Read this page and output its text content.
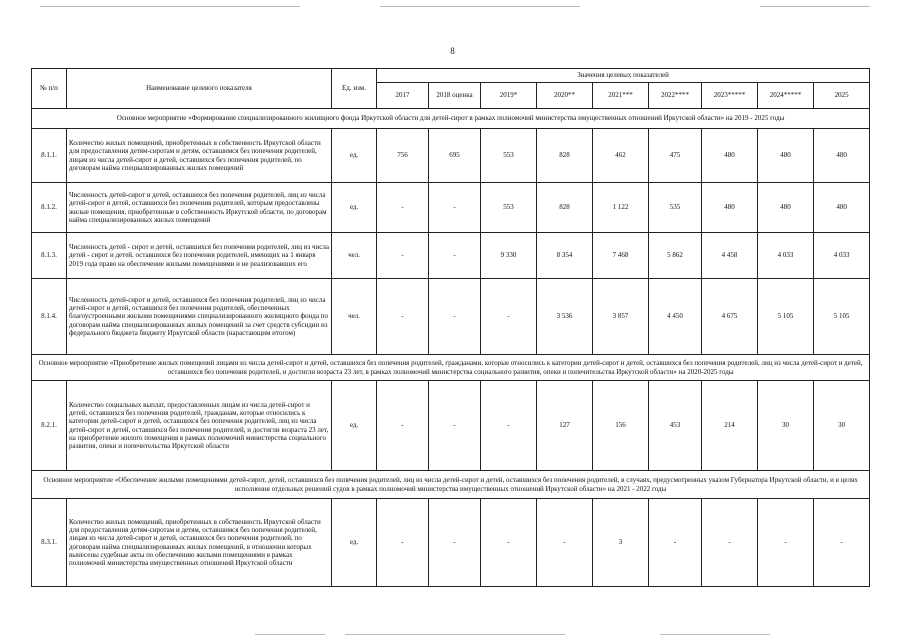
8
№ п/п	Наименование целевого показателя	Ед. изм.	Значения целевых показателей								
			2017	2018 оценка	2019*	2020**	2021***	2022****	2023*****	2024*****	2025
Основное мероприятие «Формирование специализированного жилищного фонда Иркутской области для детей-сирот в рамках полномочий министерства имущественных отношений Иркутской области» на 2019 - 2025 годы											
8.1.1.	Количество жилых помещений, приобретенных в собственность Иркутской области для предоставления детям-сиротам и детям, оставшимся без попечения родителей, лицам из числа детей-сирот и детей, оставшихся без попечения родителей, по договорам найма специализированных жилых помещений	ед.	756	695	553	828	462	475	480	480	480
8.1.2.	Численность детей-сирот и детей, оставшихся без попечения родителей, лиц из числа детей-сирот и детей, оставшихся без попечения родителей, которым предоставлены жилые помещения, приобретенные в собственность Иркутской области, по договорам найма специализированных жилых помещений	ед.	-	-	553	828	1 122	535	480	480	480
8.1.3.	Численность детей - сирот и детей, оставшихся без попечения родителей, лиц из числа детей - сирот и детей, оставшихся без попечения родителей, имеющих на 1 января 2019 года право на обеспечение жилыми помещениями и не реализовавших его	чел.	-	-	9 330	8 354	7 468	5 862	4 458	4 033	4 033
8.1.4.	Численность детей-сирот и детей, оставшихся без попечения родителей, лиц из числа детей-сирот и детей, оставшихся без попечения родителей, обеспеченных благоустроенными жилыми помещениями специализированного жилищного фонда по договорам найма специализированных жилых помещений за счет средств субсидии из федерального бюджета бюджету Иркутской области (нарастающим итогом)	чел.	-	-	-	3 536	3 857	4 450	4 675	5 105	5 105
Основное мероприятие «Приобретение жилых помещений лицами из числа детей-сирот и детей, оставшихся без попечения родителей, гражданами, которые относились к категории детей-сирот и детей, оставшихся без попечения родителей, лиц из числа детей-сирот и детей, оставшихся без попечения родителей, и достигли возраста 23 лет, в рамках полномочий министерства социального развития, опеки и попечительства Иркутской области» на 2020-2025 годы											
8.2.1.	Количество социальных выплат, предоставленных лицам из числа детей-сирот и детей, оставшихся без попечения родителей, гражданам, которые относились к категории детей-сирот и детей, оставшихся без попечения родителей, лиц из числа детей-сирот и детей, оставшихся без попечения родителей, и достигли возраста 23 лет, на приобретение жилого помещения в рамках полномочий министерства социального развития, опеки и попечительства Иркутской области	ед.	-	-	-	127	156	453	214	30	30
Основное мероприятие «Обеспечение жилыми помещениями детей-сирот, детей, оставшихся без попечения родителей, лиц из числа детей-сирот и детей, оставшихся без попечения родителей, в случаях, предусмотренных указом Губернатора Иркутской области, и в целях исполнения отдельных решений судов в рамках полномочий министерства имущественных отношений Иркутской области» на 2021 - 2022 годы											
8.3.1.	Количество жилых помещений, приобретенных в собственность Иркутской области для предоставления детям-сиротам и детям, оставшимся без попечения родителей, лицам из числа детей-сирот и детей, оставшихся без попечения родителей, по договорам найма специализированных жилых помещений, в отношении которых вынесены судебные акты по обеспечению жилыми помещениями в рамках полномочий министерства имущественных отношений Иркутской области	ед.	-	-	-	-	3	-	-	-	-
